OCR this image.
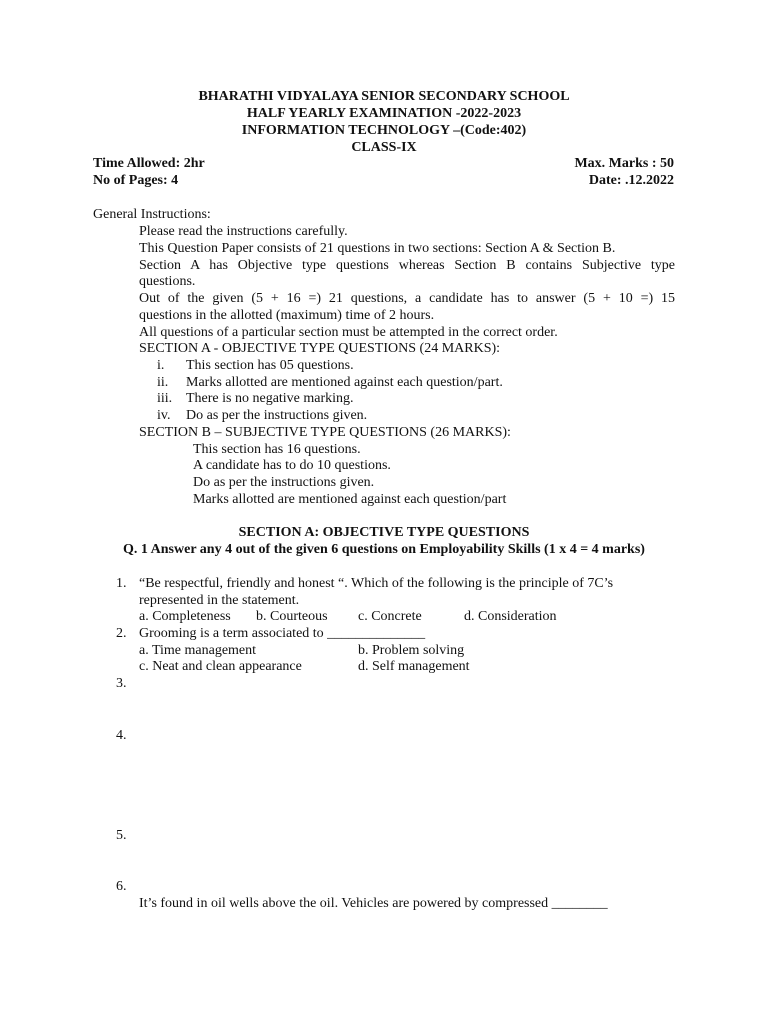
BHARATHI VIDYALAYA SENIOR SECONDARY SCHOOL
HALF YEARLY EXAMINATION -2022-2023
INFORMATION TECHNOLOGY –(Code:402)
CLASS-IX
Time Allowed: 2hr	Max. Marks : 50
No of Pages: 4	Date: .12.2022
General Instructions:
Please read the instructions carefully.
This Question Paper consists of 21 questions in two sections: Section A & Section B.
Section A has Objective type questions whereas Section B contains Subjective type
questions.
Out of the given (5 + 16 =) 21 questions, a candidate has to answer (5 + 10 =) 15
questions in the allotted (maximum) time of 2 hours.
All questions of a particular section must be attempted in the correct order.
SECTION A - OBJECTIVE TYPE QUESTIONS (24 MARKS):
i. This section has 05 questions.
ii. Marks allotted are mentioned against each question/part.
iii. There is no negative marking.
iv. Do as per the instructions given.
SECTION B – SUBJECTIVE TYPE QUESTIONS (26 MARKS):
This section has 16 questions.
A candidate has to do 10 questions.
Do as per the instructions given.
Marks allotted are mentioned against each question/part
SECTION A: OBJECTIVE TYPE QUESTIONS
Q. 1 Answer any 4 out of the given 6 questions on Employability Skills (1 x 4 = 4 marks)
1. “Be respectful, friendly and honest “. Which of the following is the principle of 7C’s
represented in the statement.
a. Completeness b. Courteous c. Concrete	d. Consideration
2. Grooming is a term associated to ______________
a. Time management	b. Problem solving
c. Neat and clean appearance	d. Self management
3.
4.
5.
6.
It’s found in oil wells above the oil. Vehicles are powered by compressed ________
